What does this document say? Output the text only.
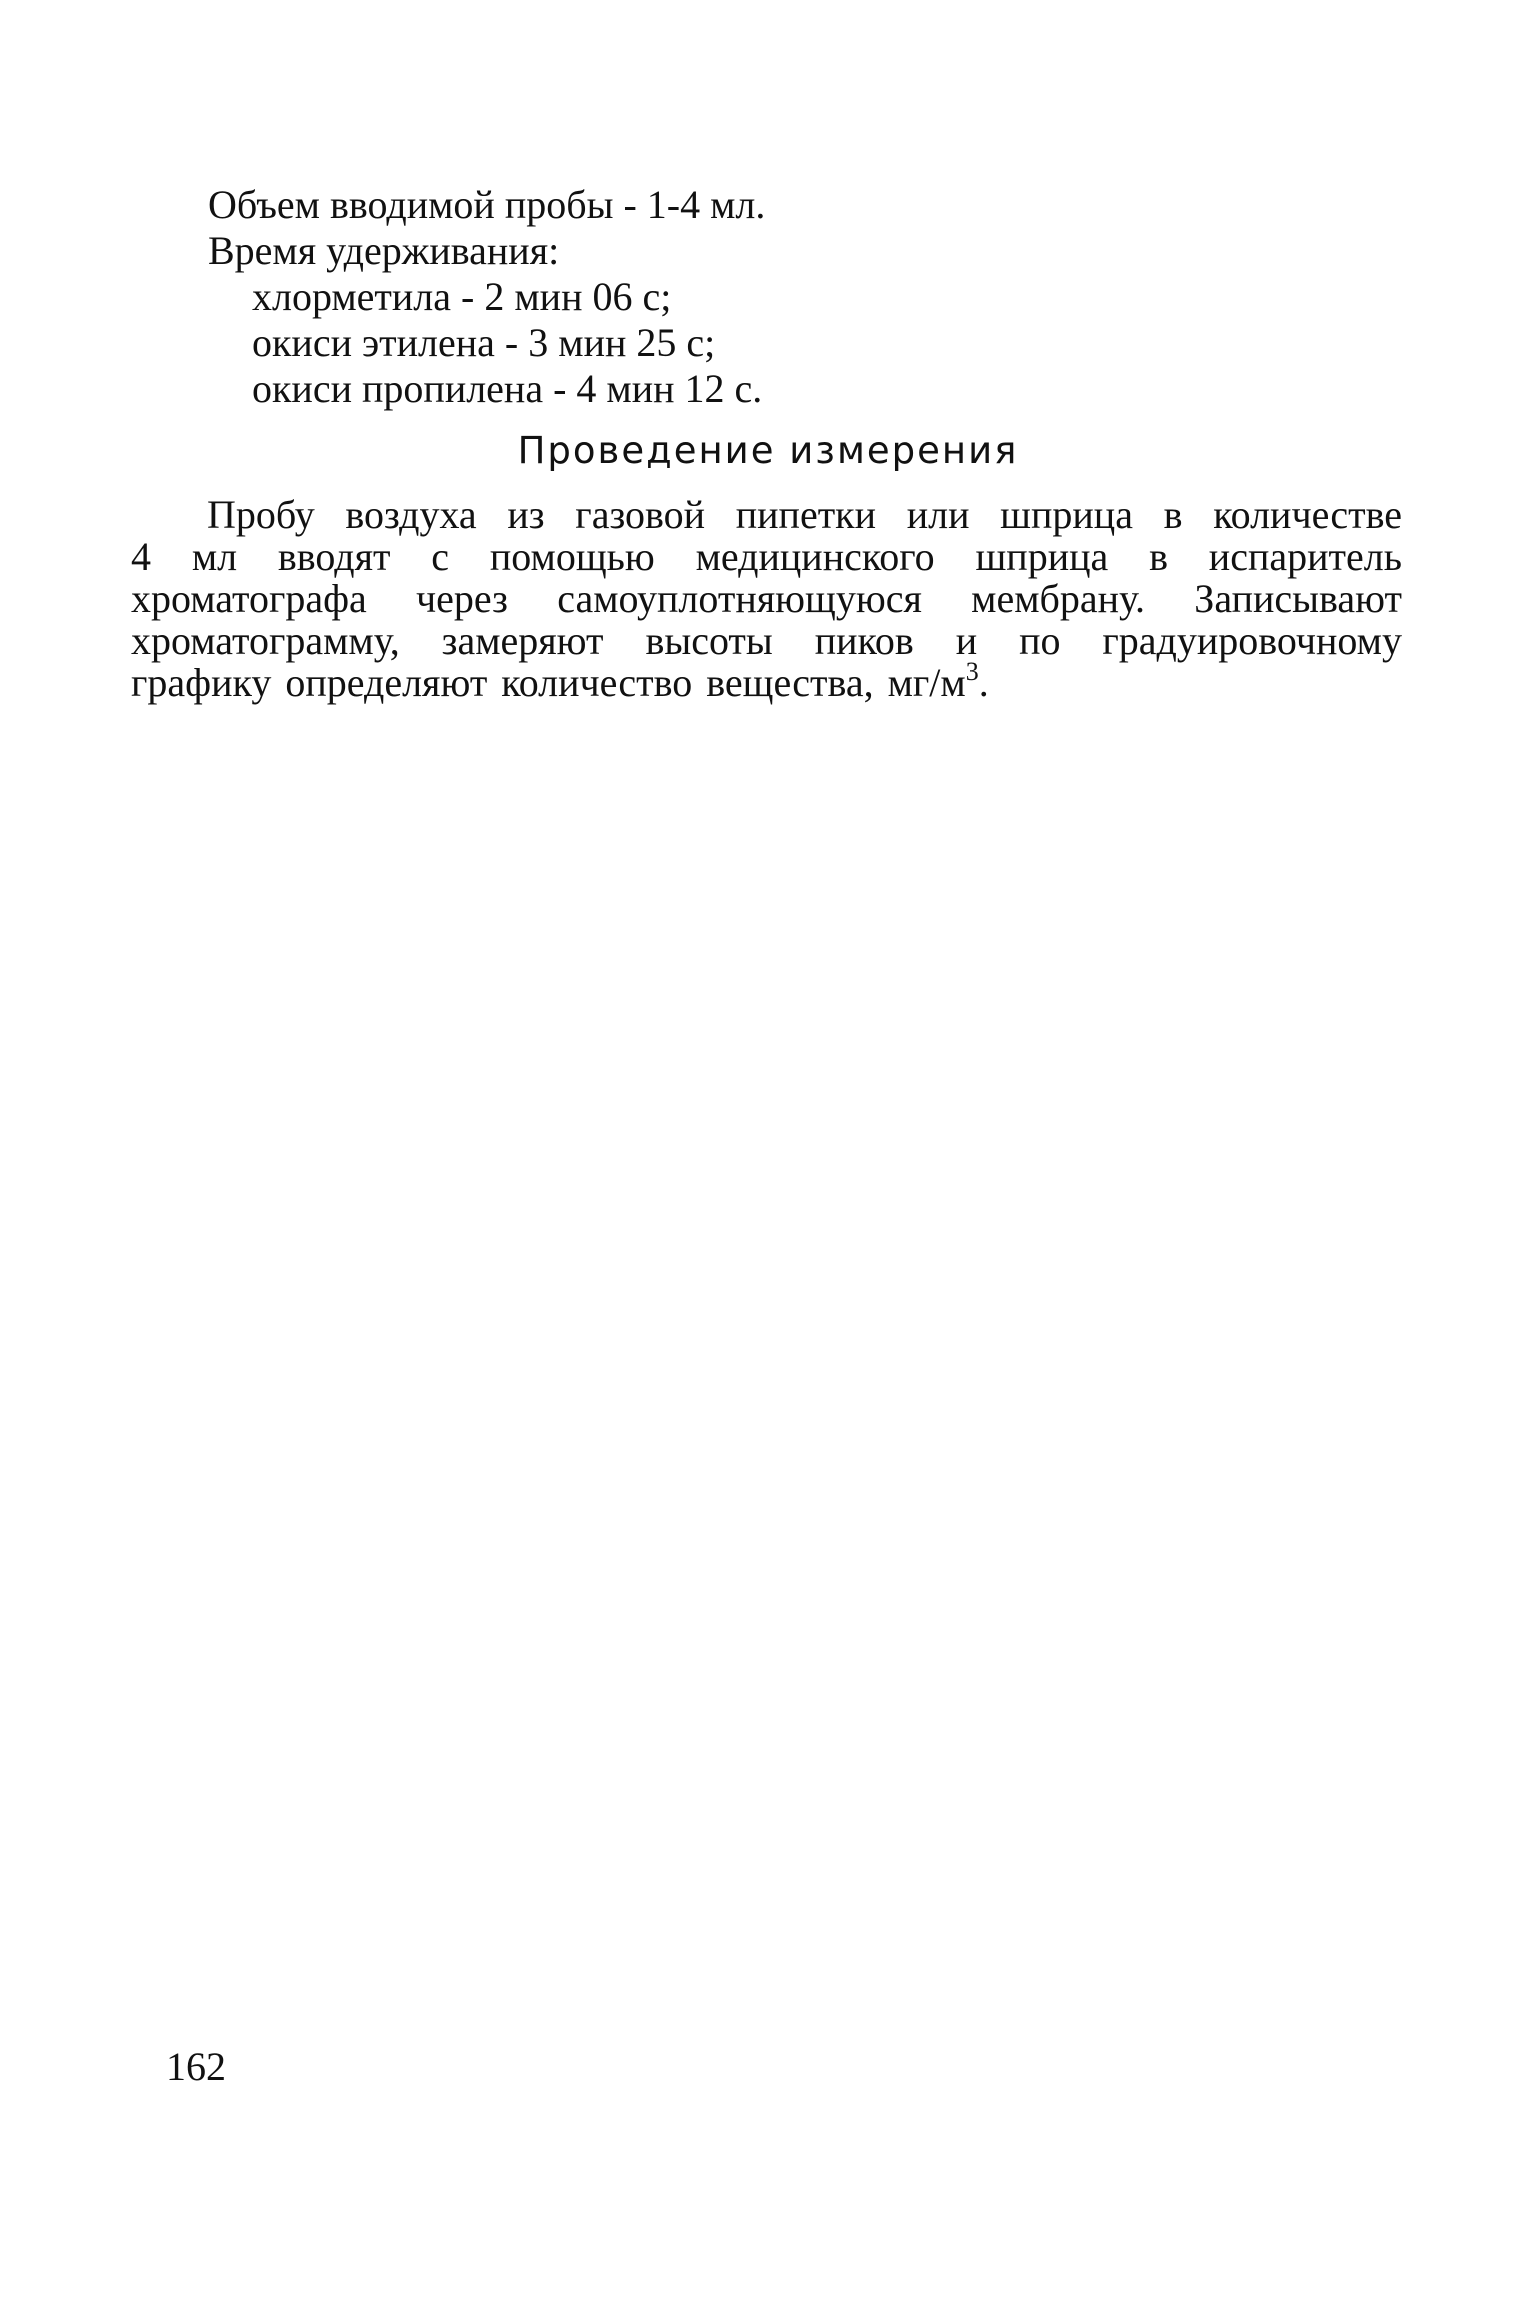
Объем вводимой пробы - 1-4 мл.
Время удерживания:
хлорметила - 2 мин 06 с;
окиси этилена - 3 мин 25 с;
окиси пропилена - 4 мин 12 с.
Проведение измерения
Пробу воздуха из газовой пипетки или шприца в количестве
4 мл вводят с помощью медицинского шприца в испаритель
хроматографа через самоуплотняющуюся мембрану. Записывают
хроматограмму, замеряют высоты пиков и по градуировочному
графику определяют количество вещества, $мг/м^3$.
162
